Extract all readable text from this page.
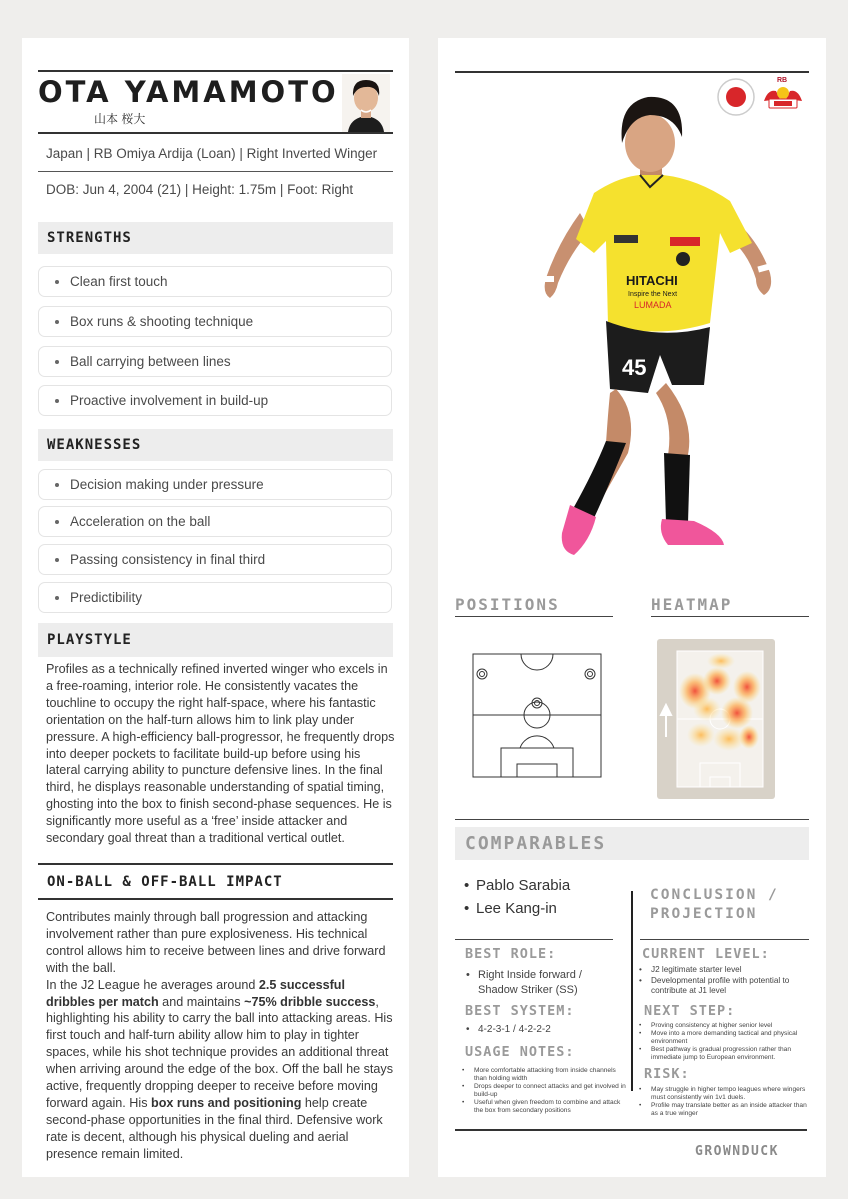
OTA YAMAMOTO
山本 桜大
Japan | RB Omiya Ardija (Loan) | Right Inverted Winger
DOB: Jun 4, 2004 (21) | Height: 1.75m | Foot: Right
STRENGTHS
Clean first touch
Box runs & shooting technique
Ball carrying between lines
Proactive involvement in build-up
WEAKNESSES
Decision making under pressure
Acceleration on the ball
Passing consistency in final third
Predictibility
PLAYSTYLE
Profiles as a technically refined inverted winger who excels in a free-roaming, interior role. He consistently vacates the touchline to occupy the right half-space, where his fantastic orientation on the half-turn allows him to link play under pressure. A high-efficiency ball-progressor, he frequently drops into deeper pockets to facilitate build-up before using his lateral carrying ability to puncture defensive lines. In the final third, he displays reasonable understanding of spatial timing, ghosting into the box to finish second-phase sequences. He is significantly more useful as a ‘free’ inside attacker and secondary goal threat than a traditional vertical outlet.
ON-BALL & OFF-BALL IMPACT
Contributes mainly through ball progression and attacking involvement rather than pure explosiveness. His technical control allows him to receive between lines and drive forward with the ball.
In the J2 League he averages around 2.5 successful dribbles per match and maintains ~75% dribble success, highlighting his ability to carry the ball into attacking areas. His first touch and half-turn ability allow him to play in tighter spaces, while his shot technique provides an additional threat when arriving around the edge of the box. Off the ball he stays active, frequently dropping deeper to receive before moving forward again. His box runs and positioning help create second-phase opportunities in the final third. Defensive work rate is decent, although his physical dueling and aerial presence remain limited.
RB
HITACHI
Inspire the Next
LUMADA
45
POSITIONS	HEATMAP
COMPARABLES
• Pablo Sarabia
• Lee Kang-in
CONCLUSION / PROJECTION
BEST ROLE:
• Right Inside forward / Shadow Striker (SS)
BEST SYSTEM:
• 4-2-3-1 / 4-2-2-2
USAGE NOTES:
• More comfortable attacking from inside channels than holding width
• Drops deeper to connect attacks and get involved in build-up
• Useful when given freedom to combine and attack the box from secondary positions
CURRENT LEVEL:
• J2 legitimate starter level
• Developmental profile with potential to contribute at J1 level
NEXT STEP:
• Proving consistency at higher senior level
• Move into a more demanding tactical and physical environment
• Best pathway is gradual progression rather than immediate jump to European environment.
RISK:
• May struggle in higher tempo leagues where wingers must consistently win 1v1 duels.
• Profile may translate better as an inside attacker than as a true winger
GROWNDUCK
